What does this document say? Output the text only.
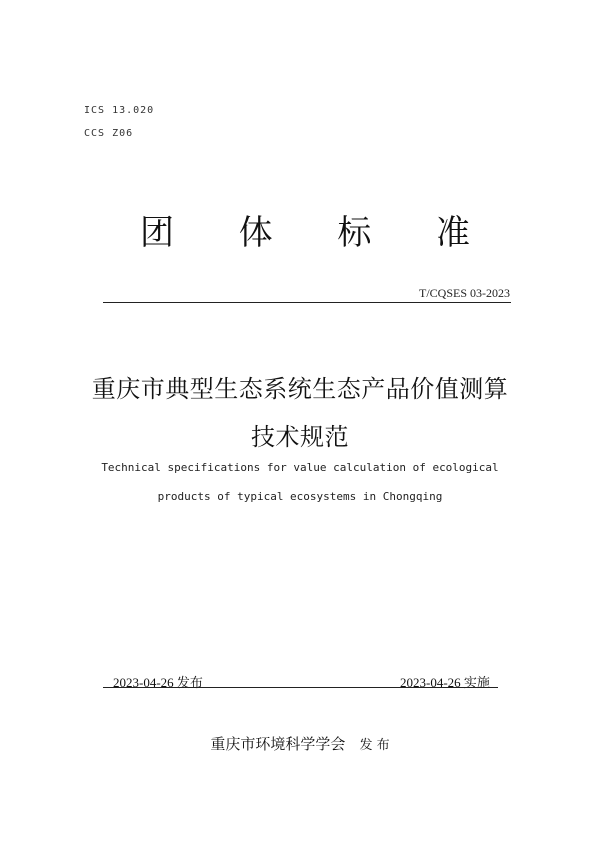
ICS 13.020
CCS Z06
团 体 标 准
T/CQSES 03-2023
重庆市典型生态系统生态产品价值测算
技术规范
Technical specifications for value calculation of ecological
products of typical ecosystems in Chongqing
2023-04-26 发布	2023-04-26 实施
重庆市环境科学学会 发 布
